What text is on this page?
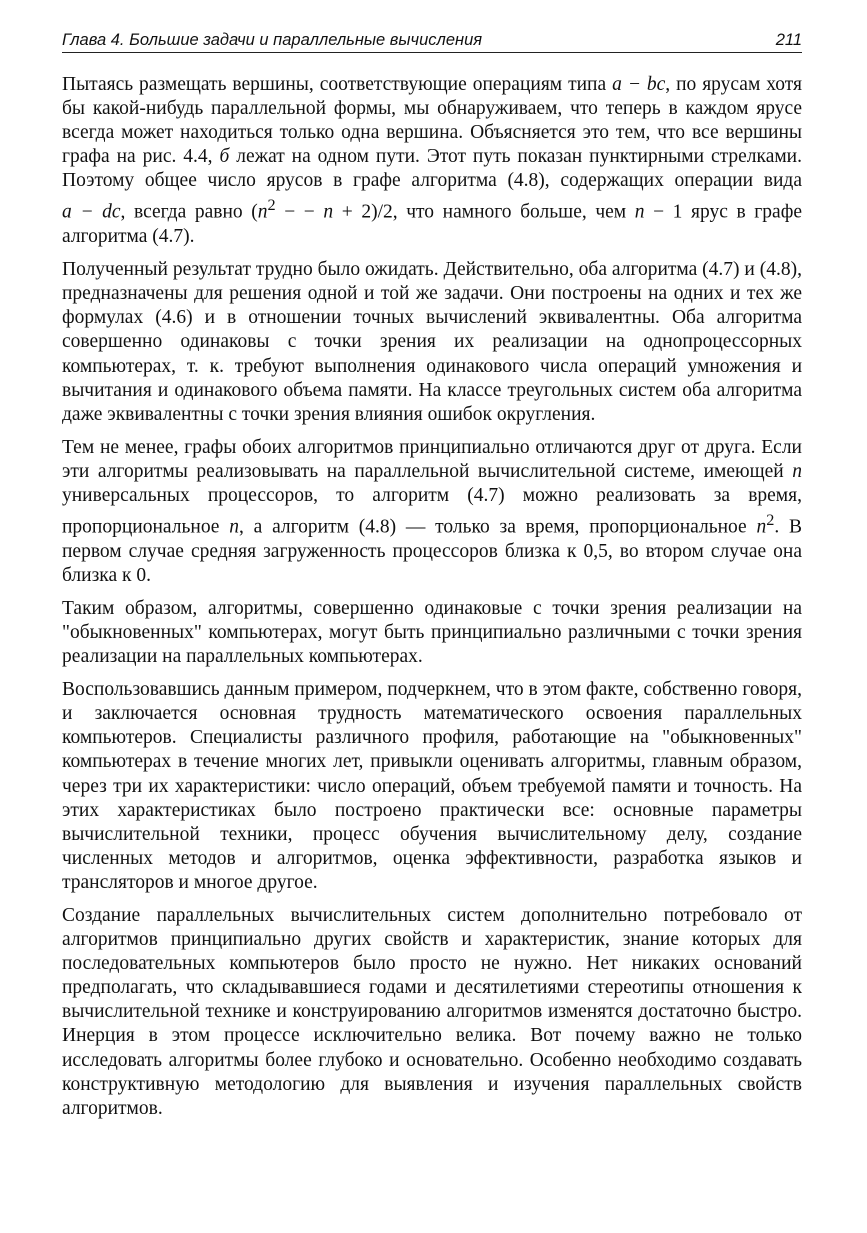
Глава 4. Большие задачи и параллельные вычисления	211

Пытаясь размещать вершины, соответствующие операциям типа a − bc, по ярусам хотя бы какой-нибудь параллельной формы, мы обнаруживаем, что теперь в каждом ярусе всегда может находиться только одна вершина. Объясняется это тем, что все вершины графа на рис. 4.4, б лежат на одном пути. Этот путь показан пунктирными стрелками. Поэтому общее число ярусов в графе алгоритма (4.8), содержащих операции вида a − dc, всегда равно ($n^2$ − − n + 2)/2, что намного больше, чем n − 1 ярус в графе алгоритма (4.7).

Полученный результат трудно было ожидать. Действительно, оба алгоритма (4.7) и (4.8), предназначены для решения одной и той же задачи. Они построены на одних и тех же формулах (4.6) и в отношении точных вычислений эквивалентны. Оба алгоритма совершенно одинаковы с точки зрения их реализации на однопроцессорных компьютерах, т. к. требуют выполнения одинакового числа операций умножения и вычитания и одинакового объема памяти. На классе треугольных систем оба алгоритма даже эквивалентны с точки зрения влияния ошибок округления.

Тем не менее, графы обоих алгоритмов принципиально отличаются друг от друга. Если эти алгоритмы реализовывать на параллельной вычислительной системе, имеющей n универсальных процессоров, то алгоритм (4.7) можно реализовать за время, пропорциональное n, а алгоритм (4.8) — только за время, пропорциональное $n^2$. В первом случае средняя загруженность процессоров близка к 0,5, во втором случае она близка к 0.

Таким образом, алгоритмы, совершенно одинаковые с точки зрения реализации на "обыкновенных" компьютерах, могут быть принципиально различными с точки зрения реализации на параллельных компьютерах.

Воспользовавшись данным примером, подчеркнем, что в этом факте, собственно говоря, и заключается основная трудность математического освоения параллельных компьютеров. Специалисты различного профиля, работающие на "обыкновенных" компьютерах в течение многих лет, привыкли оценивать алгоритмы, главным образом, через три их характеристики: число операций, объем требуемой памяти и точность. На этих характеристиках было построено практически все: основные параметры вычислительной техники, процесс обучения вычислительному делу, создание численных методов и алгоритмов, оценка эффективности, разработка языков и трансляторов и многое другое.

Создание параллельных вычислительных систем дополнительно потребовало от алгоритмов принципиально других свойств и характеристик, знание которых для последовательных компьютеров было просто не нужно. Нет никаких оснований предполагать, что складывавшиеся годами и десятилетиями стереотипы отношения к вычислительной технике и конструированию алгоритмов изменятся достаточно быстро. Инерция в этом процессе исключительно велика. Вот почему важно не только исследовать алгоритмы более глубоко и основательно. Особенно необходимо создавать конструктивную методологию для выявления и изучения параллельных свойств алгоритмов.
